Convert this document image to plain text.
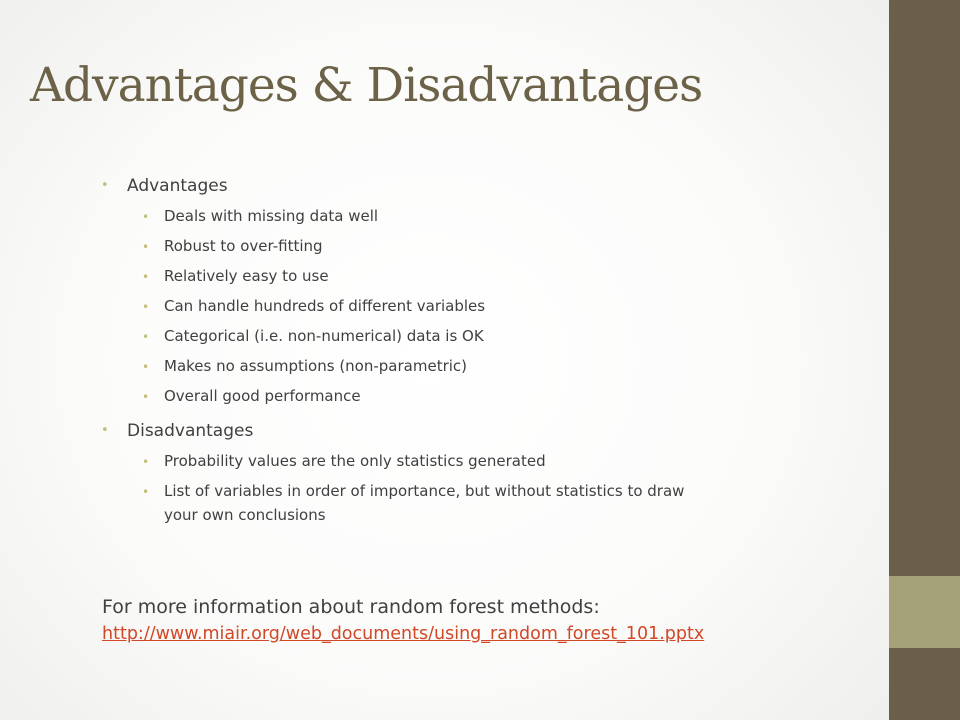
Advantages & Disadvantages
• Advantages
• Deals with missing data well
• Robust to over-fitting
• Relatively easy to use
• Can handle hundreds of different variables
• Categorical (i.e. non-numerical) data is OK
• Makes no assumptions (non-parametric)
• Overall good performance
• Disadvantages
• Probability values are the only statistics generated
• List of variables in order of importance, but without statistics to draw
your own conclusions
For more information about random forest methods:
http://www.miair.org/web_documents/using_random_forest_101.pptx
